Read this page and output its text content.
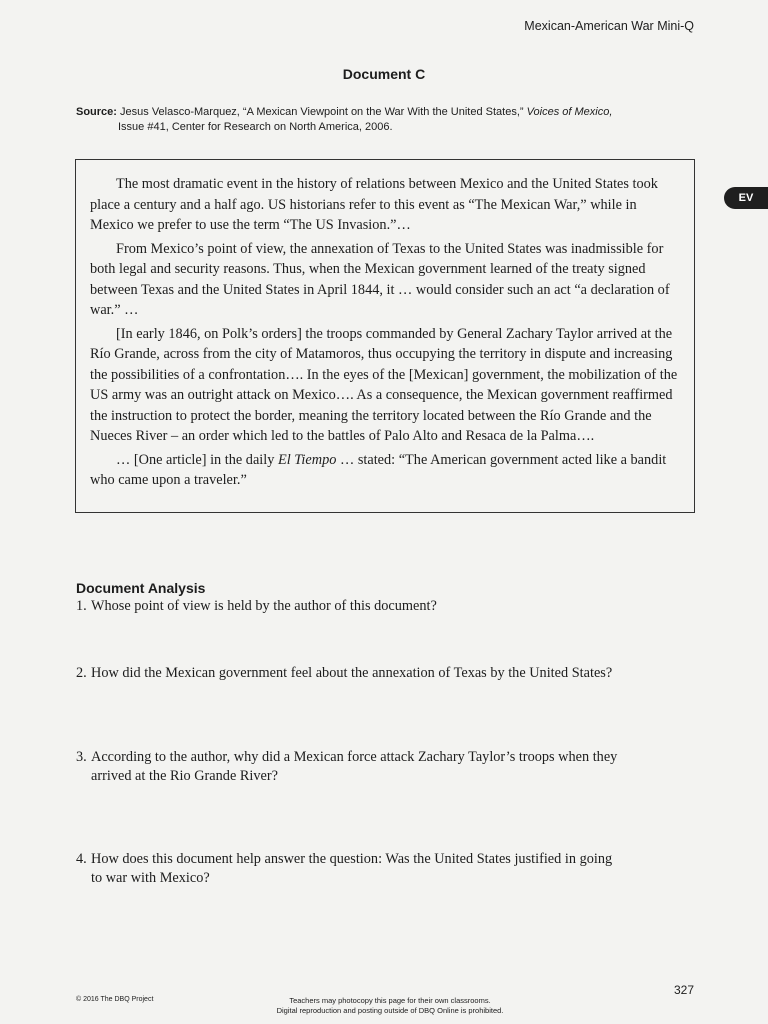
Mexican-American War Mini-Q
Document C
Source: Jesus Velasco-Marquez, “A Mexican Viewpoint on the War With the United States,” Voices of Mexico,
Issue #41, Center for Research on North America, 2006.
EV

The most dramatic event in the history of relations between Mexico and the United States took place a century and a half ago. US historians refer to this event as “The Mexican War,” while in Mexico we prefer to use the term “The US Invasion.”…

From Mexico’s point of view, the annexation of Texas to the United States was inadmissible for both legal and security reasons. Thus, when the Mexican government learned of the treaty signed between Texas and the United States in April 1844, it … would consider such an act “a declaration of war.” …

[In early 1846, on Polk’s orders] the troops commanded by General Zachary Taylor arrived at the Río Grande, across from the city of Matamoros, thus occupying the territory in dispute and increasing the possibilities of a confrontation…. In the eyes of the [Mexican] government, the mobilization of the US army was an outright attack on Mexico…. As a consequence, the Mexican government reaffirmed the instruction to protect the border, meaning the territory located between the Río Grande and the Nueces River – an order which led to the battles of Palo Alto and Resaca de la Palma….

… [One article] in the daily El Tiempo … stated: “The American government acted like a bandit who came upon a traveler.”

Document Analysis
1. Whose point of view is held by the author of this document?
2. How did the Mexican government feel about the annexation of Texas by the United States?
3. According to the author, why did a Mexican force attack Zachary Taylor’s troops when they
arrived at the Rio Grande River?
4. How does this document help answer the question: Was the United States justified in going
to war with Mexico?
327
© 2016 The DBQ Project	Teachers may photocopy this page for their own classrooms.
Digital reproduction and posting outside of DBQ Online is prohibited.
